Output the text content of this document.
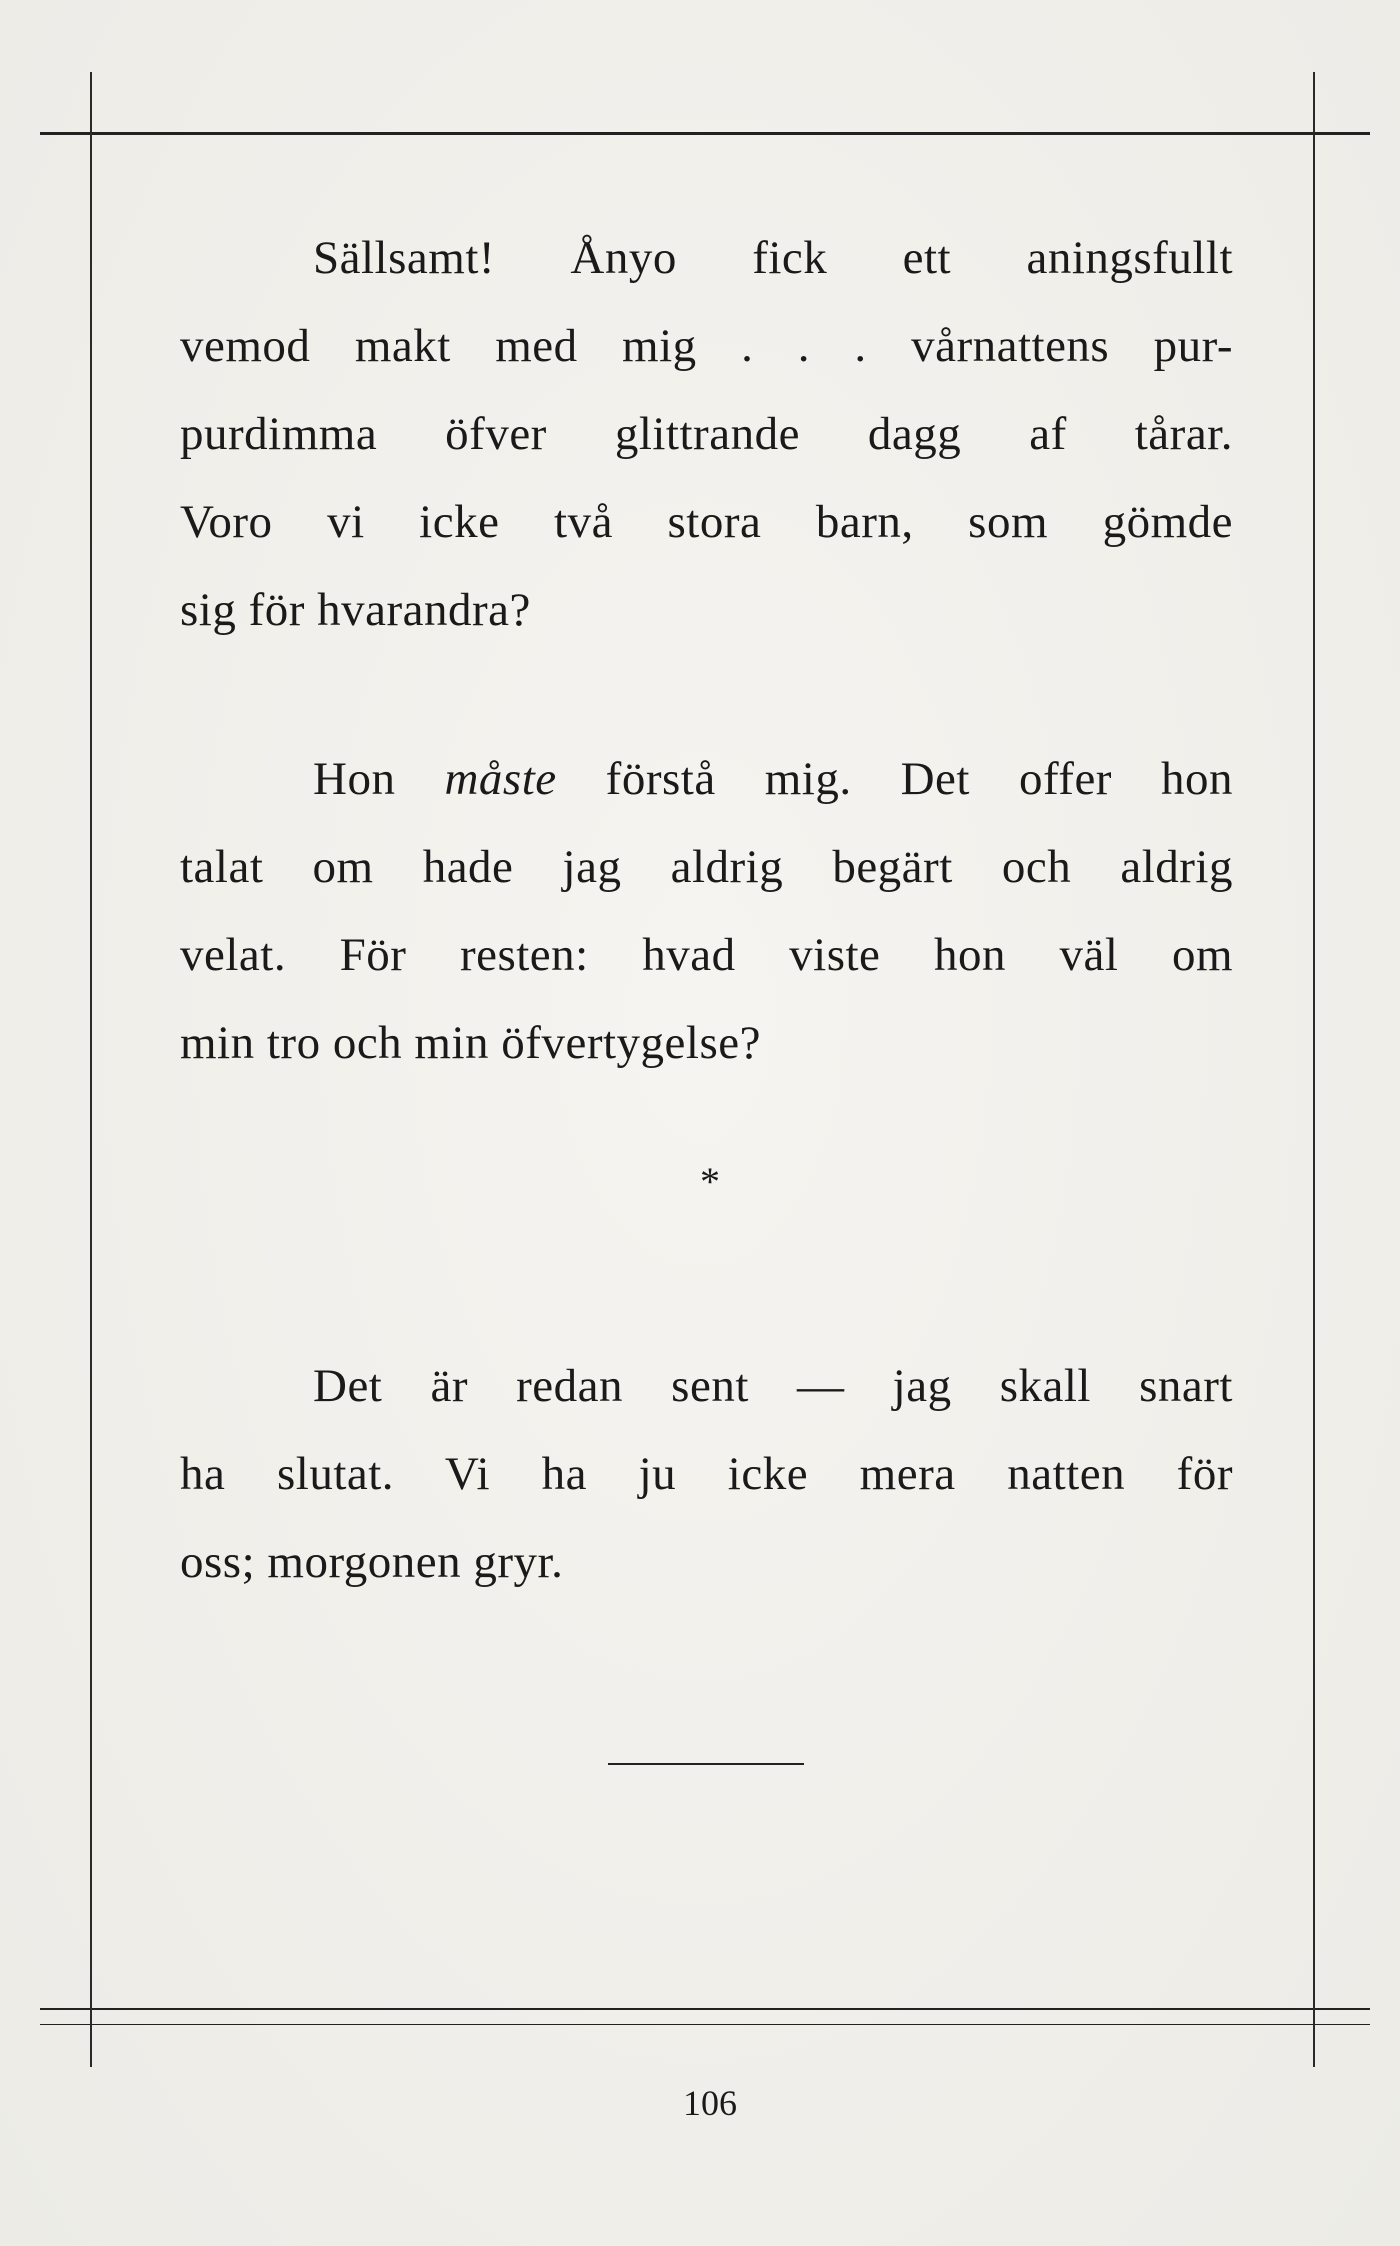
Sällsamt! Ånyo fick ett aningsfullt
vemod makt med mig . . . vårnattens pur-
purdimma öfver glittrande dagg af tårar.
Voro vi icke två stora barn, som gömde
sig för hvarandra?
Hon måste förstå mig. Det offer hon
talat om hade jag aldrig begärt och aldrig
velat. För resten: hvad viste hon väl om
min tro och min öfvertygelse?
*
Det är redan sent — jag skall snart
ha slutat. Vi ha ju icke mera natten för
oss; morgonen gryr.
106
